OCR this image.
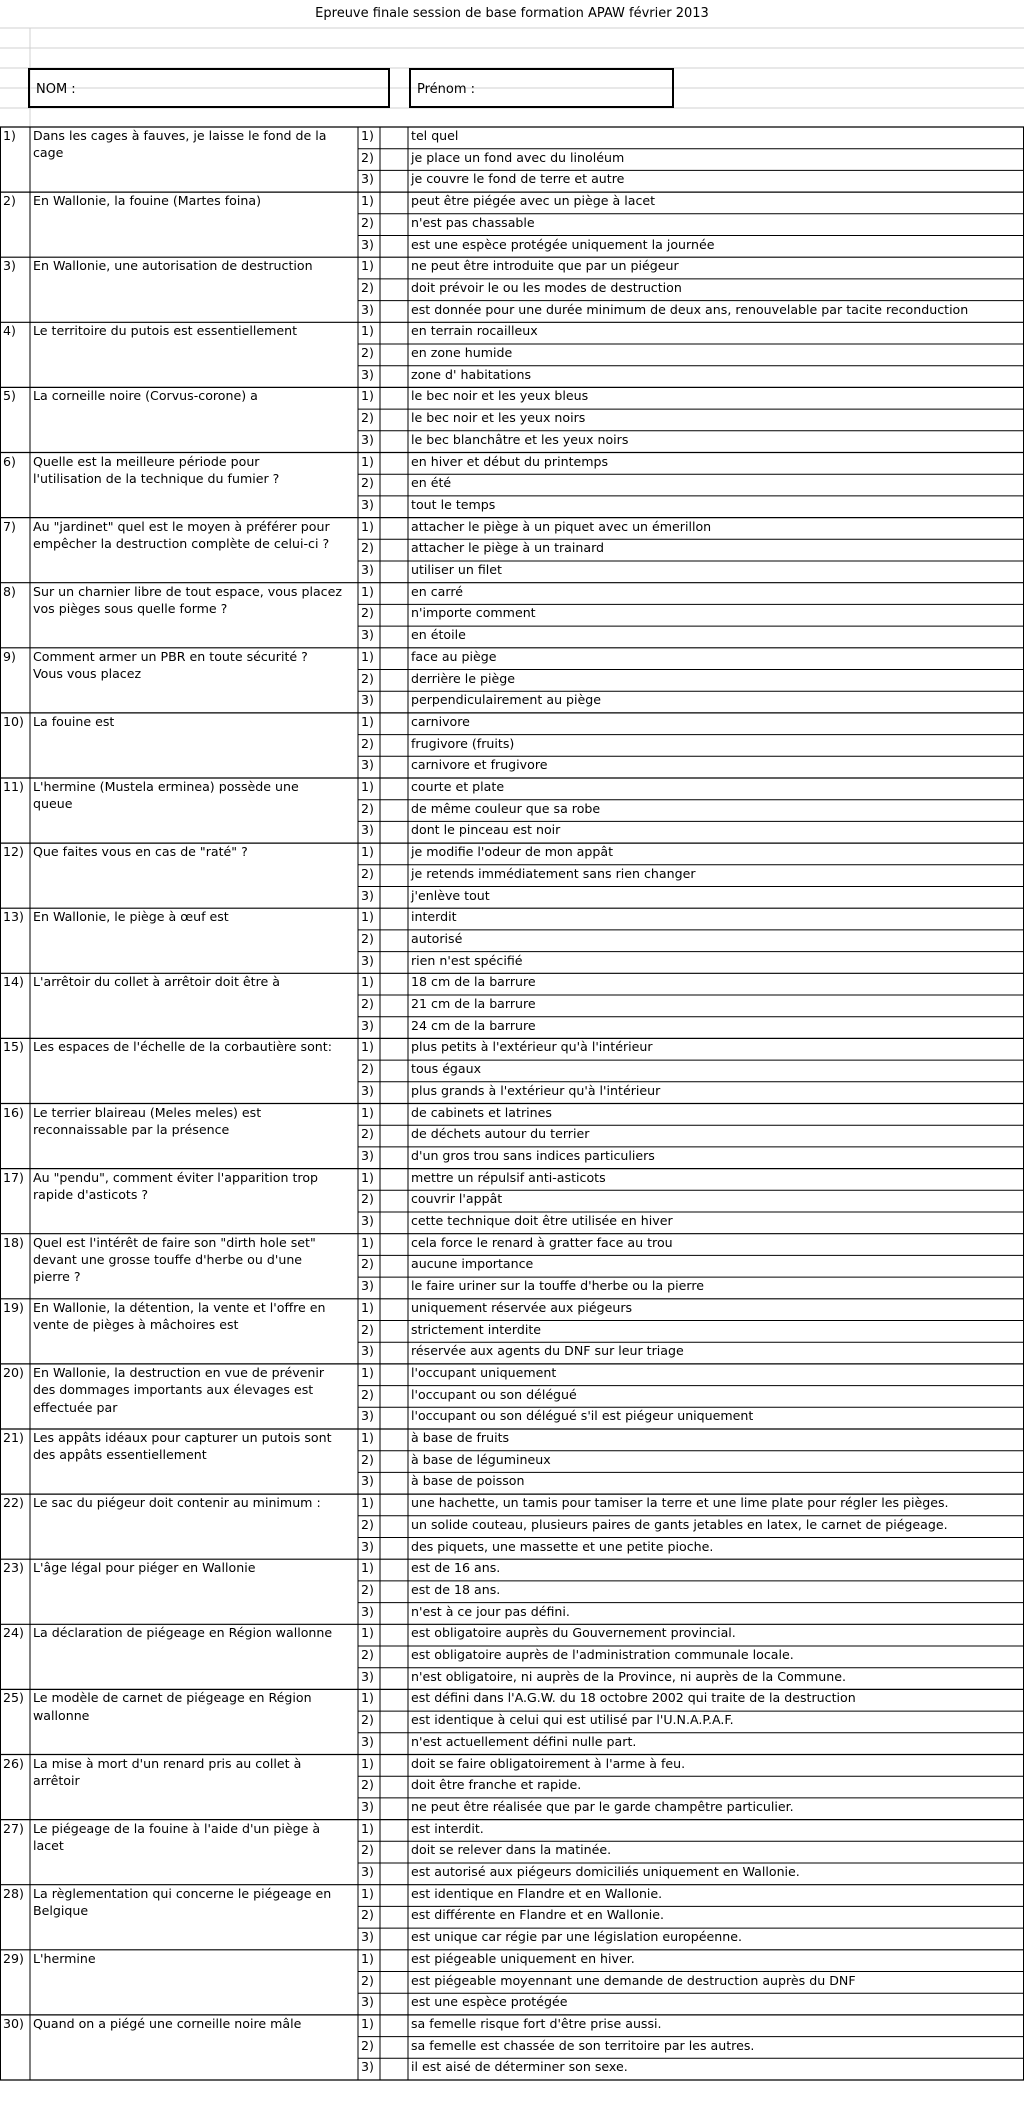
Epreuve finale session de base formation APAW février 2013
NOM :	Prénom :
1)	Dans les cages à fauves, je laisse le fond de la
cage
1)	tel quel
2)	je place un fond avec du linoléum
3)	je couvre le fond de terre et autre
2)	En Wallonie, la fouine (Martes foina)	1)	peut être piégée avec un piège à lacet
2)	n'est pas chassable
3)	est une espèce protégée uniquement la journée
3)	En Wallonie, une autorisation de destruction	1)	ne peut être introduite que par un piégeur
2)	doit prévoir le ou les modes de destruction
3)	est donnée pour une durée minimum de deux ans, renouvelable par tacite reconduction
4)	Le territoire du putois est essentiellement	1)	en terrain rocailleux
2)	en zone humide
3)	zone d' habitations
5)	La corneille noire (Corvus-corone) a	1)	le bec noir et les yeux bleus
2)	le bec noir et les yeux noirs
3)	le bec blanchâtre et les yeux noirs
6)	Quelle est la meilleure période pour
l'utilisation de la technique du fumier ?
1)	en hiver et début du printemps
2)	en été
3)	tout le temps
7)	Au "jardinet" quel est le moyen à préférer pour
empêcher la destruction complète de celui-ci ?
1)	attacher le piège à un piquet avec un émerillon
2)	attacher le piège à un trainard
3)	utiliser un filet
8)	Sur un charnier libre de tout espace, vous placez
vos pièges sous quelle forme ?
1)	en carré
2)	n'importe comment
3)	en étoile
9)	Comment armer un PBR en toute sécurité ?
Vous vous placez
1)	face au piège
2)	derrière le piège
3)	perpendiculairement au piège
10) La fouine est	1)	carnivore
2)	frugivore (fruits)
3)	carnivore et frugivore
11) L'hermine (Mustela erminea) possède une
queue
1)	courte et plate
2)	de même couleur que sa robe
3)	dont le pinceau est noir
12) Que faites vous en cas de "raté" ?	1)	je modifie l'odeur de mon appât
2)	je retends immédiatement sans rien changer
3)	j'enlève tout
13) En Wallonie, le piège à œuf est	1)	interdit
2)	autorisé
3)	rien n'est spécifié
14) L'arrêtoir du collet à arrêtoir doit être à	1)	18 cm de la barrure
2)	21 cm de la barrure
3)	24 cm de la barrure
15) Les espaces de l'échelle de la corbautière sont:	1)	plus petits à l'extérieur qu'à l'intérieur
2)	tous égaux
3)	plus grands à l'extérieur qu'à l'intérieur
16) Le terrier blaireau (Meles meles) est
reconnaissable par la présence
1)	de cabinets et latrines
2)	de déchets autour du terrier
3)	d'un gros trou sans indices particuliers
17) Au "pendu", comment éviter l'apparition trop
rapide d'asticots ?
1)	mettre un répulsif anti-asticots
2)	couvrir l'appât
3)	cette technique doit être utilisée en hiver
18) Quel est l'intérêt de faire son "dirth hole set"
devant une grosse touffe d'herbe ou d'une
pierre ?
1)	cela force le renard à gratter face au trou
2)	aucune importance
3)	le faire uriner sur la touffe d'herbe ou la pierre
19) En Wallonie, la détention, la vente et l'offre en
vente de pièges à mâchoires est
1)	uniquement réservée aux piégeurs
2)	strictement interdite
3)	réservée aux agents du DNF sur leur triage
20) En Wallonie, la destruction en vue de prévenir
des dommages importants aux élevages est
effectuée par
1)	l'occupant uniquement
2)	l'occupant ou son délégué
3)	l'occupant ou son délégué s'il est piégeur uniquement
21) Les appâts idéaux pour capturer un putois sont
des appâts essentiellement
1)	à base de fruits
2)	à base de légumineux
3)	à base de poisson
22) Le sac du piégeur doit contenir au minimum :	1)	une hachette, un tamis pour tamiser la terre et une lime plate pour régler les pièges.
2)	un solide couteau, plusieurs paires de gants jetables en latex, le carnet de piégeage.
3)	des piquets, une massette et une petite pioche.
23) L'âge légal pour piéger en Wallonie	1)	est de 16 ans.
2)	est de 18 ans.
3)	n'est à ce jour pas défini.
24) La déclaration de piégeage en Région wallonne	1)	est obligatoire auprès du Gouvernement provincial.
2)	est obligatoire auprès de l'administration communale locale.
3)	n'est obligatoire, ni auprès de la Province, ni auprès de la Commune.
25) Le modèle de carnet de piégeage en Région
wallonne
1)	est défini dans l'A.G.W. du 18 octobre 2002 qui traite de la destruction
2)	est identique à celui qui est utilisé par l'U.N.A.P.A.F.
3)	n'est actuellement défini nulle part.
26) La mise à mort d'un renard pris au collet à
arrêtoir
1)	doit se faire obligatoirement à l'arme à feu.
2)	doit être franche et rapide.
3)	ne peut être réalisée que par le garde champêtre particulier.
27) Le piégeage de la fouine à l'aide d'un piège à
lacet
1)	est interdit.
2)	doit se relever dans la matinée.
3)	est autorisé aux piégeurs domiciliés uniquement en Wallonie.
28) La règlementation qui concerne le piégeage en
Belgique
1)	est identique en Flandre et en Wallonie.
2)	est différente en Flandre et en Wallonie.
3)	est unique car régie par une législation européenne.
29) L'hermine	1)	est piégeable uniquement en hiver.
2)	est piégeable moyennant une demande de destruction auprès du DNF
3)	est une espèce protégée
30) Quand on a piégé une corneille noire mâle	1)	sa femelle risque fort d'être prise aussi.
2)	sa femelle est chassée de son territoire par les autres.
3)	il est aisé de déterminer son sexe.
